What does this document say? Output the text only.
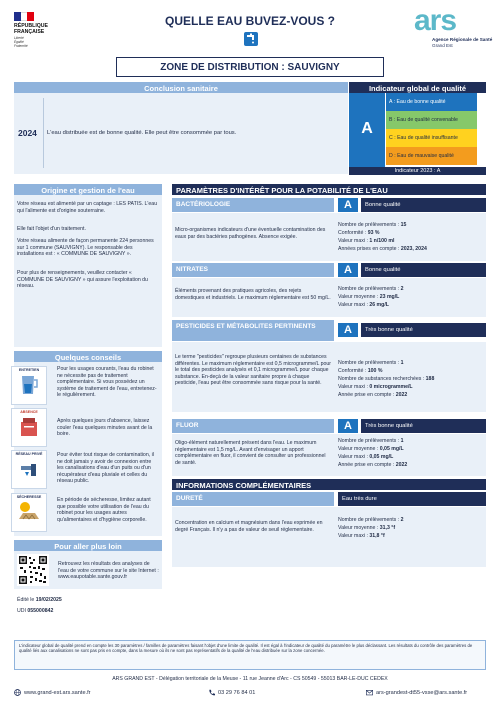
RÉPUBLIQUE
FRANÇAISE
Liberté
Égalité
Fraternité
QUELLE EAU BUVEZ-VOUS ?	ars
Agence Régionale de Santé
Grand Est
ZONE DE DISTRIBUTION : SAUVIGNY
Conclusion sanitaire
2024 L'eau distribuée est de bonne qualité. Elle peut être consommée par tous.
Indicateur global de qualité
A
A : Eau de bonne qualité
B : Eau de qualité convenable
C : Eau de qualité insuffisante
D : Eau de mauvaise qualité
Indicateur 2023 : A
Origine et gestion de l'eau
Votre réseau est alimenté par un captage : LES PATIS. L'eau qui l'alimente est d'origine souterraine.
Elle fait l'objet d'un traitement.
Votre réseau alimente de façon permanente 224 personnes sur 1 commune (SAUVIGNY). Le responsable des installations est : « COMMUNE DE SAUVIGNY ».
Pour plus de renseignements, veuillez contacter « COMMUNE DE SAUVIGNY » qui assure l'exploitation du réseau.
Quelques conseils
ENTRETIEN	Pour les usages courants, l'eau du robinet ne nécessite pas de traitement complémentaire. Si vous possédez un système de traitement de l'eau, entretenez-le régulièrement.
ABSENCE
Après quelques jours d'absence, laissez couler l'eau quelques minutes avant de la boire.
RÉSEAU PRIVÉ	Pour éviter tout risque de contamination, il ne doit jamais y avoir de connexion entre les canalisations d'eau d'un puits ou d'un récupérateur d'eau pluviale et celles du réseau public.
SÉCHERESSE	En période de sécheresse, limitez autant que possible votre utilisation de l'eau du robinet pour les usages autres qu'alimentaires et d'hygiène corporelle.
Pour aller plus loin
Retrouvez les résultats des analyses de l'eau de votre commune sur le site Internet : www.eaupotable.sante.gouv.fr
Édité le 19/02/2025
UDI 055000842
PARAMÈTRES D'INTÉRÊT POUR LA POTABILITÉ DE L'EAU
BACTÉRIOLOGIE	A	Bonne qualité
Micro-organismes indicateurs d'une éventuelle contamination des eaux par des bactéries pathogènes. Absence exigée.
Nombre de prélèvements : 15
Conformité : 93 %
Valeur maxi : 1 n/100 ml
Années prises en compte : 2023, 2024
NITRATES	A	Bonne qualité
Éléments provenant des pratiques agricoles, des rejets domestiques et industriels. Le maximum réglementaire est 50 mg/L.
Nombre de prélèvements : 2
Valeur moyenne : 23 mg/L
Valeur maxi : 26 mg/L
PESTICIDES ET MÉTABOLITES PERTINENTS	A	Très bonne qualité
Le terme "pesticides" regroupe plusieurs centaines de substances différentes. Le maximum réglementaire est 0,5 microgramme/L pour le total des pesticides analysés et 0,1 microgramme/L pour chaque substance. En-deçà de la valeur sanitaire propre à chaque pesticide, l'eau peut être consommée sans risque pour la santé.
Nombre de prélèvements : 1
Conformité : 100 %
Nombre de substances recherchées : 188
Valeur maxi : 0 microgramme/L
Année prise en compte : 2022
FLUOR	A	Très bonne qualité
Oligo-élément naturellement présent dans l'eau. Le maximum réglementaire est 1,5 mg/L. Avant d'envisager un apport complémentaire en fluor, il convient de consulter un professionnel de santé.
Nombre de prélèvements : 1
Valeur moyenne : 0,05 mg/L
Valeur maxi : 0,05 mg/L
Année prise en compte : 2022
INFORMATIONS COMPLÉMENTAIRES
DURETÉ	Eau très dure
Concentration en calcium et magnésium dans l'eau exprimée en degré Français. Il n'y a pas de valeur de seuil réglementaire.
Nombre de prélèvements : 2
Valeur moyenne : 31,3 °f
Valeur maxi : 31,8 °f
L'indicateur global de qualité prend en compte les 30 paramètres / familles de paramètres faisant l'objet d'une limite de qualité. Il est égal à l'indicateur de qualité du paramètre le plus déclassant. Les résultats du contrôle des paramètres de qualité liés aux canalisations ne sont pas pris en compte, dans la mesure où ils ne sont pas représentatifs de la qualité de l'eau distribuée sur la zone concernée.
ARS GRAND EST - Délégation territoriale de la Meuse - 11 rue Jeanne d'Arc - CS 50549 - 55013 BAR-LE-DUC CEDEX
www.grand-est.ars.sante.fr	03 29 76 84 01	ars-grandest-dt55-vsse@ars.sante.fr
